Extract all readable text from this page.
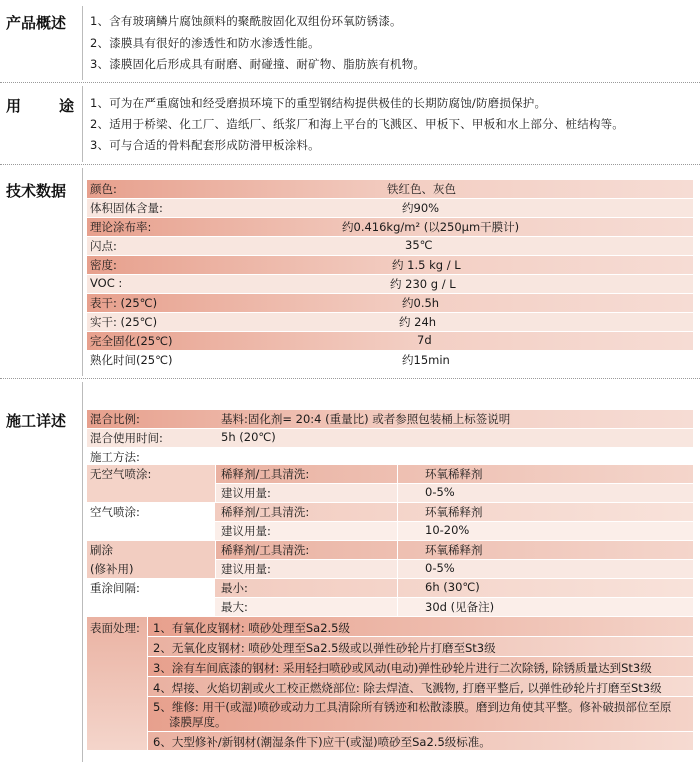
产品概述 1、含有玻璃鳞片腐蚀颜料的聚酰胺固化双组份环氧防锈漆。
2、漆膜具有很好的渗透性和防水渗透性能。
3、漆膜固化后形成具有耐磨、耐碰撞、耐矿物、脂肪族有机物。
用	途 1、可为在严重腐蚀和经受磨损环境下的重型钢结构提供极佳的长期防腐蚀/防磨损保护。
2、适用于桥梁、化工厂、造纸厂、纸浆厂和海上平台的飞溅区、甲板下、甲板和水上部分、桩结构等。
3、可与合适的骨料配套形成防滑甲板涂料。
技术数据 颜色:	铁红色、灰色
体积固体含量:	约90%
理论涂布率:	约0.416kg/m² (以250μm干膜计)
闪点:	35℃
密度:	约 1.5 kg / L
VOC :	约 230 g / L
表干: (25℃)	约0.5h
实干: (25℃)	约 24h
完全固化(25℃)	7d
熟化时间(25℃)	约15min
施工详述 混合比例:	基料:固化剂= 20:4 (重量比) 或者参照包装桶上标签说明
混合使用时间:	5h (20℃)
施工方法:
无空气喷涂:	稀释剂/工具清洗:	环氧稀释剂
建议用量:	0-5%
空气喷涂:	稀释剂/工具清洗:	环氧稀释剂
建议用量:	10-20%
刷涂
(修补用)
稀释剂/工具清洗:	环氧稀释剂
建议用量:	0-5%
重涂间隔:	最小:	6h (30℃)
最大:	30d (见备注)
表面处理: 1、有氧化皮钢材: 喷砂处理至Sa2.5级
2、无氧化皮钢材: 喷砂处理至Sa2.5级或以弹性砂轮片打磨至St3级
3、涂有车间底漆的钢材: 采用轻扫喷砂或风动(电动)弹性砂轮片进行二次除锈, 除锈质量达到St3级
4、焊接、火焰切割或火工校正燃烧部位: 除去焊渣、飞溅物, 打磨平整后, 以弹性砂轮片打磨至St3级
5、维修: 用干(或湿)喷砂或动力工具清除所有锈迹和松散漆膜。磨到边角使其平整。修补破损部位至原
漆膜厚度。
6、大型修补/新钢材(潮湿条件下)应干(或湿)喷砂至Sa2.5级标准。
